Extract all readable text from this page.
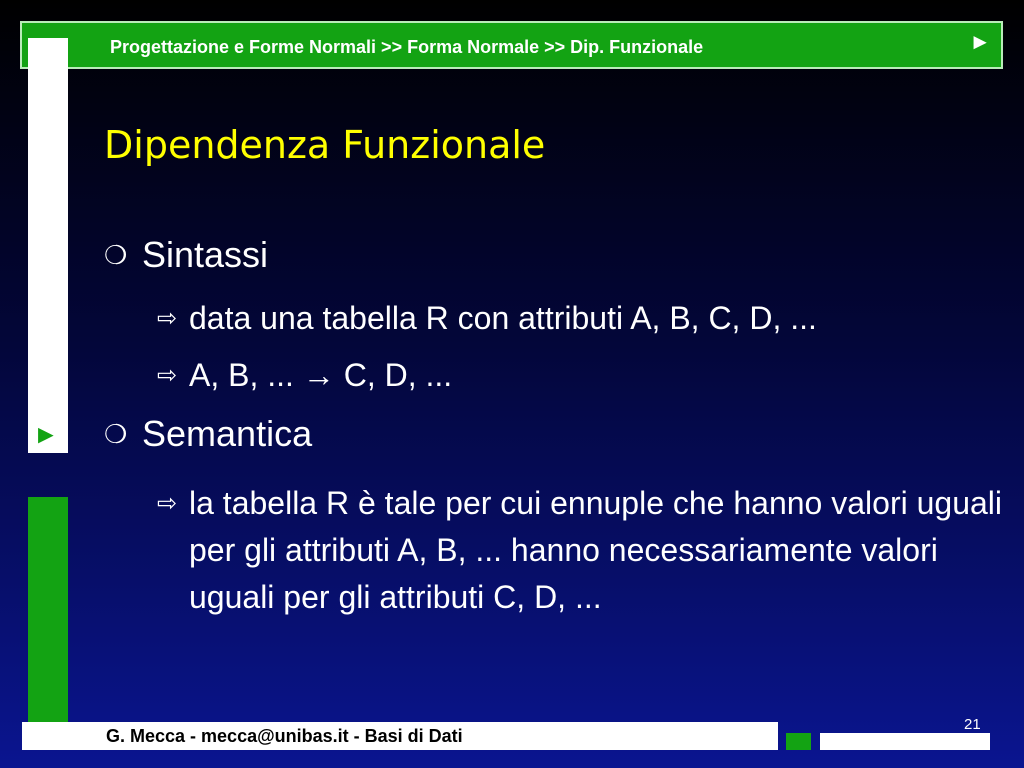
Progettazione e Forme Normali >> Forma Normale >> Dip. Funzionale	►
►
Dipendenza Funzionale
❍ Sintassi
⇨ data una tabella R con attributi A, B, C, D, ...
⇨ A, B, ... → C, D, ...
❍ Semantica
⇨ la tabella R è tale per cui ennuple che hanno valori uguali per gli attributi A, B, ... hanno necessariamente valori uguali per gli attributi C, D, ...
G. Mecca - mecca@unibas.it - Basi di Dati
21
